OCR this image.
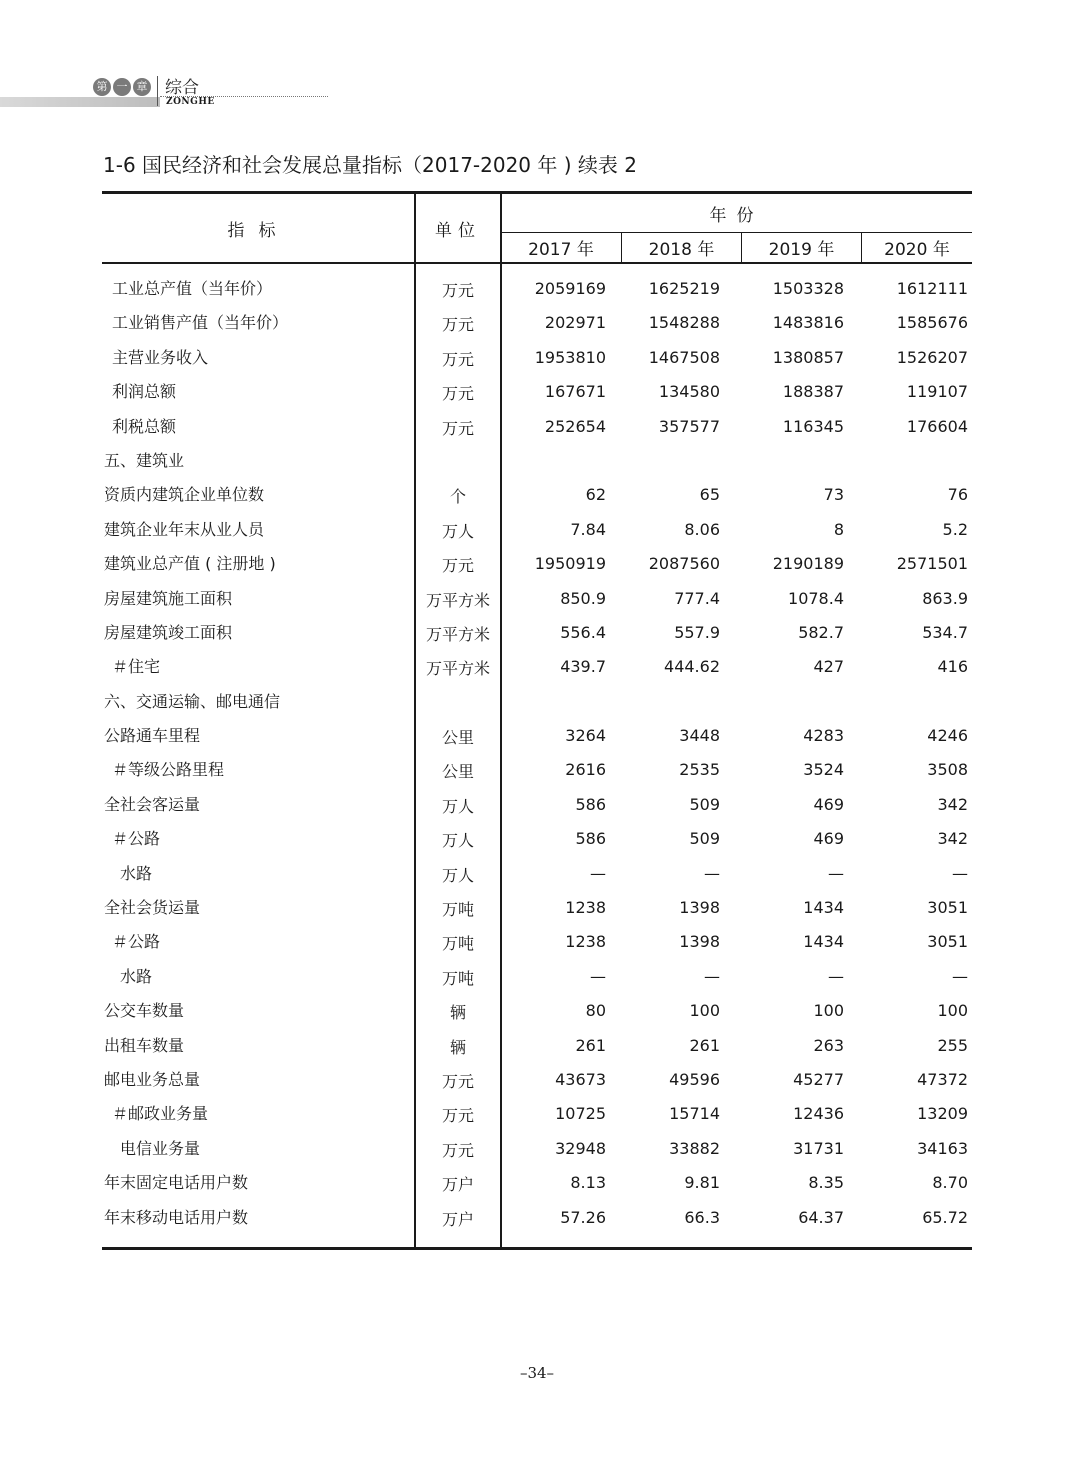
第 一 章 综合
ZONGHE
1-6 国民经济和社会发展总量指标（2017-2020 年 ) 续表 2
指标	单位
年份
2017 年	2018 年	2019 年	2020 年
工业总产值（当年价）	万元	2059169	1625219	1503328	1612111
工业销售产值（当年价）	万元	202971	1548288	1483816	1585676
主营业务收入	万元	1953810	1467508	1380857	1526207
利润总额	万元	167671	134580	188387	119107
利税总额	万元	252654	357577	116345	176604
五、建筑业
资质内建筑企业单位数	个	62	65	73	76
建筑企业年末从业人员	万人	7.84	8.06	8	5.2
建筑业总产值 ( 注册地 )	万元	1950919	2087560	2190189	2571501
房屋建筑施工面积	万平方米	850.9	777.4	1078.4	863.9
房屋建筑竣工面积	万平方米	556.4	557.9	582.7	534.7
＃住宅	万平方米	439.7	444.62	427	416
六、交通运输、邮电通信
公路通车里程	公里	3264	3448	4283	4246
＃等级公路里程	公里	2616	2535	3524	3508
全社会客运量	万人	586	509	469	342
＃公路	万人	586	509	469	342
水路	万人	—	—	—	—
全社会货运量	万吨	1238	1398	1434	3051
＃公路	万吨	1238	1398	1434	3051
水路	万吨	—	—	—	—
公交车数量	辆	80	100	100	100
出租车数量	辆	261	261	263	255
邮电业务总量	万元	43673	49596	45277	47372
＃邮政业务量	万元	10725	15714	12436	13209
电信业务量	万元	32948	33882	31731	34163
年末固定电话用户数	万户	8.13	9.81	8.35	8.70
年末移动电话用户数	万户	57.26	66.3	64.37	65.72
–34–
